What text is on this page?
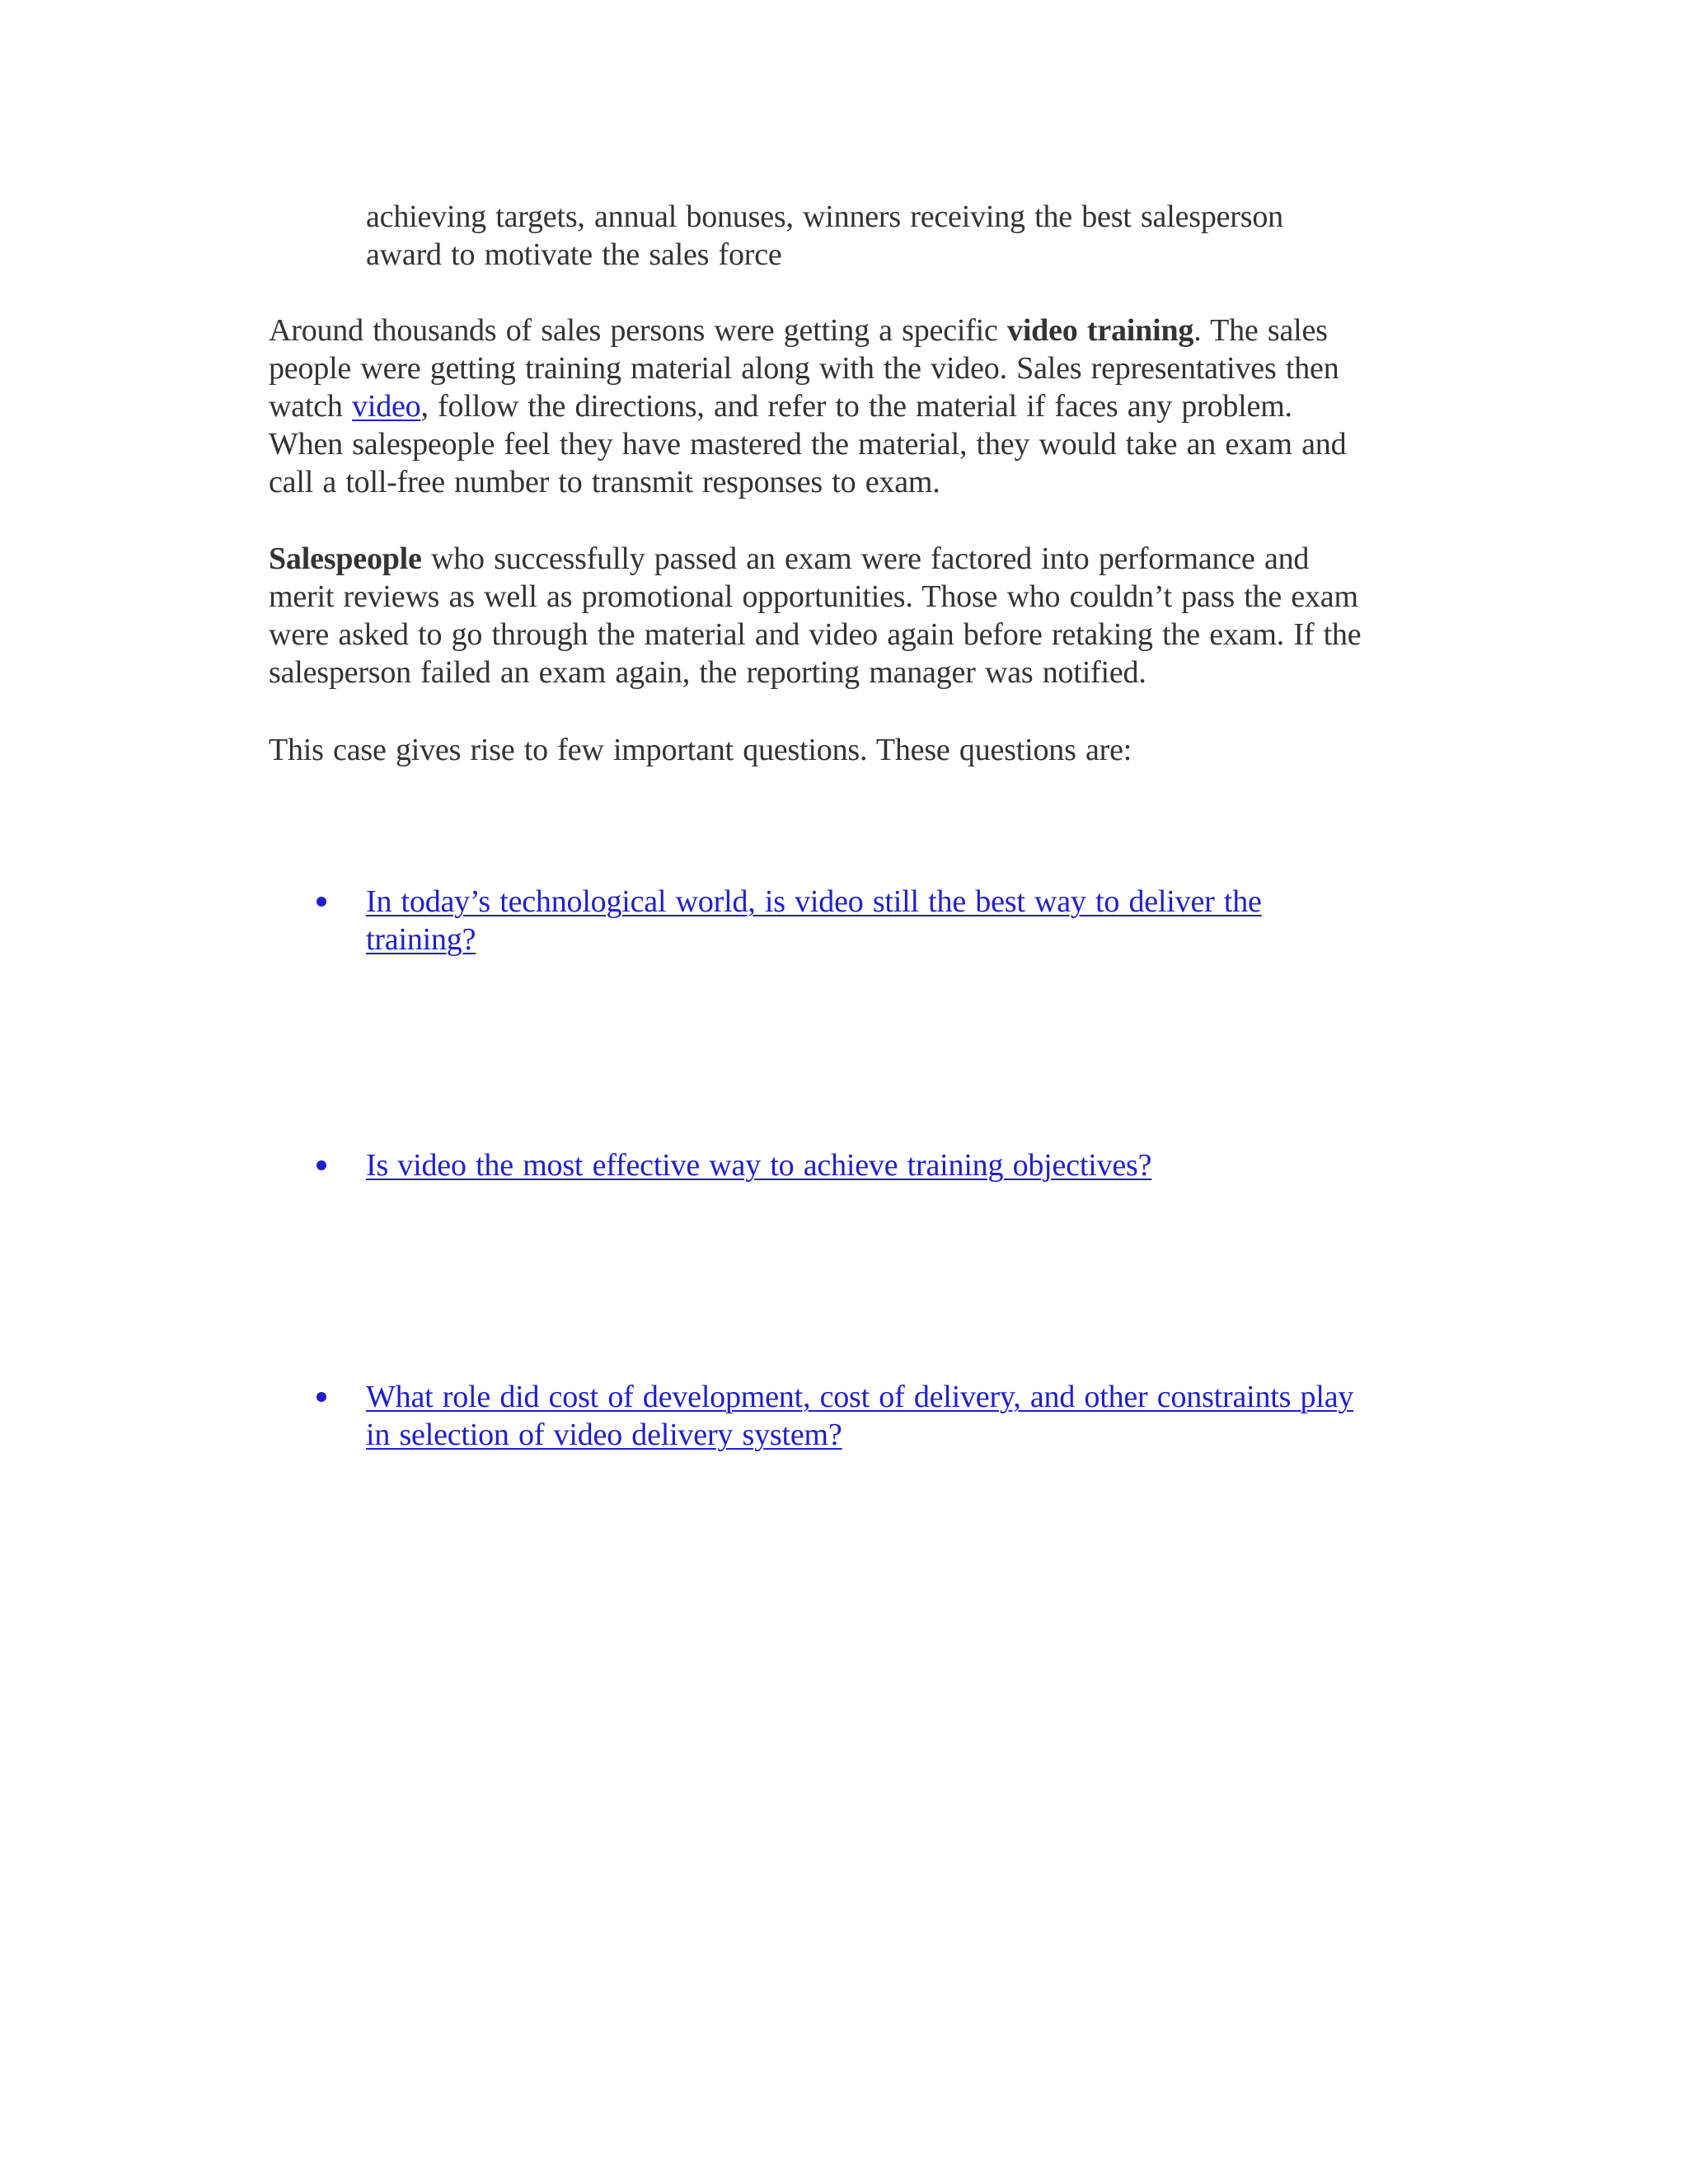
achieving targets, annual bonuses, winners receiving the best salesperson
award to motivate the sales force
Around thousands of sales persons were getting a specific video training. The sales
people were getting training material along with the video. Sales representatives then
watch video, follow the directions, and refer to the material if faces any problem.
When salespeople feel they have mastered the material, they would take an exam and
call a toll-free number to transmit responses to exam.
Salespeople who successfully passed an exam were factored into performance and
merit reviews as well as promotional opportunities. Those who couldn’t pass the exam
were asked to go through the material and video again before retaking the exam. If the
salesperson failed an exam again, the reporting manager was notified.
This case gives rise to few important questions. These questions are:
In today’s technological world, is video still the best way to deliver the
training?
Is video the most effective way to achieve training objectives?
What role did cost of development, cost of delivery, and other constraints play
in selection of video delivery system?
